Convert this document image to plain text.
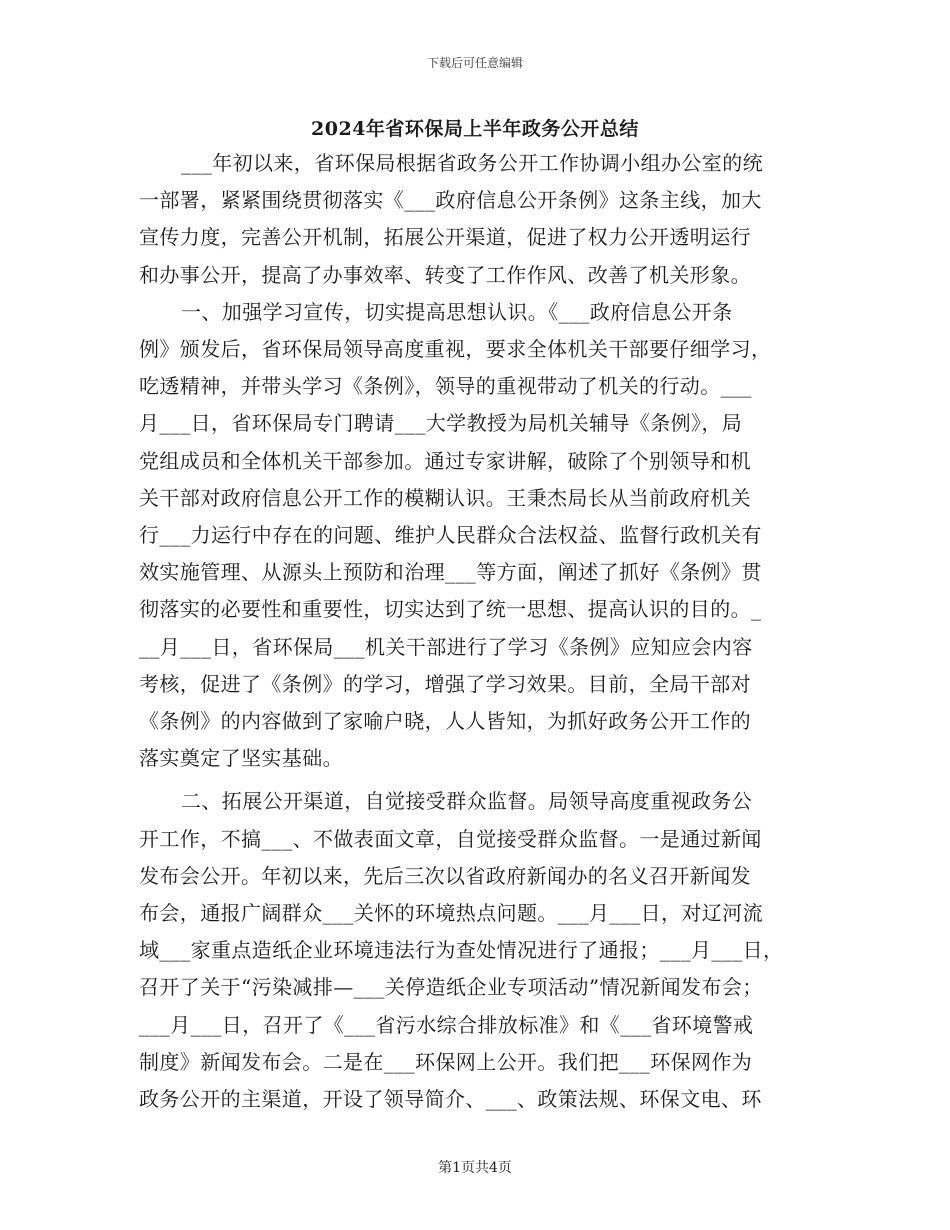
下载后可任意编辑
2024年省环保局上半年政务公开总结
___年初以来，省环保局根据省政务公开工作协调小组办公室的统
一部署，紧紧围绕贯彻落实《___政府信息公开条例》这条主线，加大
宣传力度，完善公开机制，拓展公开渠道，促进了权力公开透明运行
和办事公开，提高了办事效率、转变了工作作风、改善了机关形象。
一、加强学习宣传，切实提高思想认识。《___政府信息公开条
例》颁发后，省环保局领导高度重视，要求全体机关干部要仔细学习，
吃透精神，并带头学习《条例》，领导的重视带动了机关的行动。___
月___日，省环保局专门聘请___大学教授为局机关辅导《条例》，局
党组成员和全体机关干部参加。通过专家讲解，破除了个别领导和机
关干部对政府信息公开工作的模糊认识。王秉杰局长从当前政府机关
行___力运行中存在的问题、维护人民群众合法权益、监督行政机关有
效实施管理、从源头上预防和治理___等方面，阐述了抓好《条例》贯
彻落实的必要性和重要性，切实达到了统一思想、提高认识的目的。_
__月___日，省环保局___机关干部进行了学习《条例》应知应会内容
考核，促进了《条例》的学习，增强了学习效果。目前，全局干部对
《条例》的内容做到了家喻户晓，人人皆知，为抓好政务公开工作的
落实奠定了坚实基础。
二、拓展公开渠道，自觉接受群众监督。局领导高度重视政务公
开工作，不搞___、不做表面文章，自觉接受群众监督。一是通过新闻
发布会公开。年初以来，先后三次以省政府新闻办的名义召开新闻发
布会，通报广阔群众___关怀的环境热点问题。___月___日，对辽河流
域___家重点造纸企业环境违法行为查处情况进行了通报；___月___日，
召开了关于“污染减排—___关停造纸企业专项活动”情况新闻发布会；
___月___日，召开了《___省污水综合排放标准》和《___省环境警戒
制度》新闻发布会。二是在___环保网上公开。我们把___环保网作为
政务公开的主渠道，开设了领导简介、___、政策法规、环保文电、环
第1页共4页
